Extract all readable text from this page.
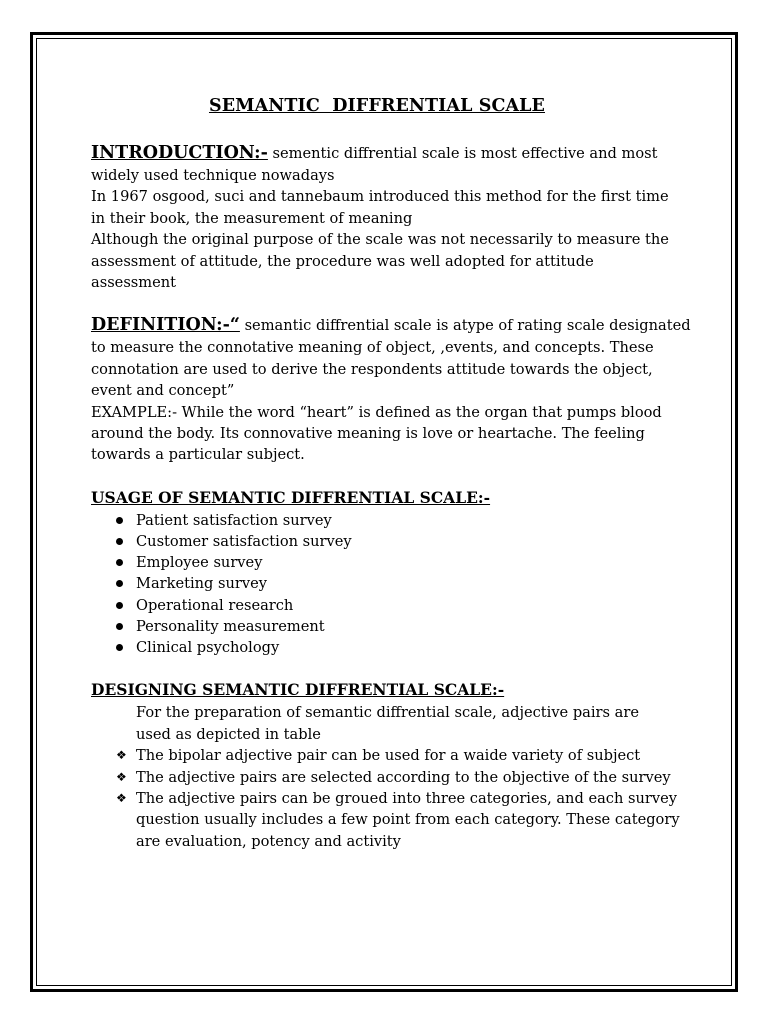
SEMANTIC  DIFFRENTIAL SCALE

INTRODUCTION:- sementic diffrential scale is most effective and most

widely used technique nowadays

In 1967 osgood, suci and tannebaum introduced this method for the first time

in their book, the measurement of meaning

Although the original purpose of the scale was not necessarily to measure the

assessment of attitude, the procedure was well adopted for attitude

assessment

DEFINITION:-“ semantic diffrential scale is atype of rating scale designated

to measure the connotative meaning of object, ,events, and concepts. These

connotation are used to derive the respondents attitude towards the object,

event and concept”

EXAMPLE:- While the word “heart” is defined as the organ that pumps blood

around the body. Its connovative meaning is love or heartache. The feeling

towards a particular subject.

USAGE OF SEMANTIC DIFFRENTIAL SCALE:-

Patient satisfaction survey
Customer satisfaction survey
Employee survey
Marketing survey
Operational research
Personality measurement
Clinical psychology

DESIGNING SEMANTIC DIFFRENTIAL SCALE:-

For the preparation of semantic diffrential scale, adjective pairs are

used as depicted in table

❖ The bipolar adjective pair can be used for a waide variety of subject
❖ The adjective pairs are selected according to the objective of the survey
❖ The adjective pairs can be groued into three categories, and each survey question usually includes a few point from each category. These category are evaluation, potency and activity
